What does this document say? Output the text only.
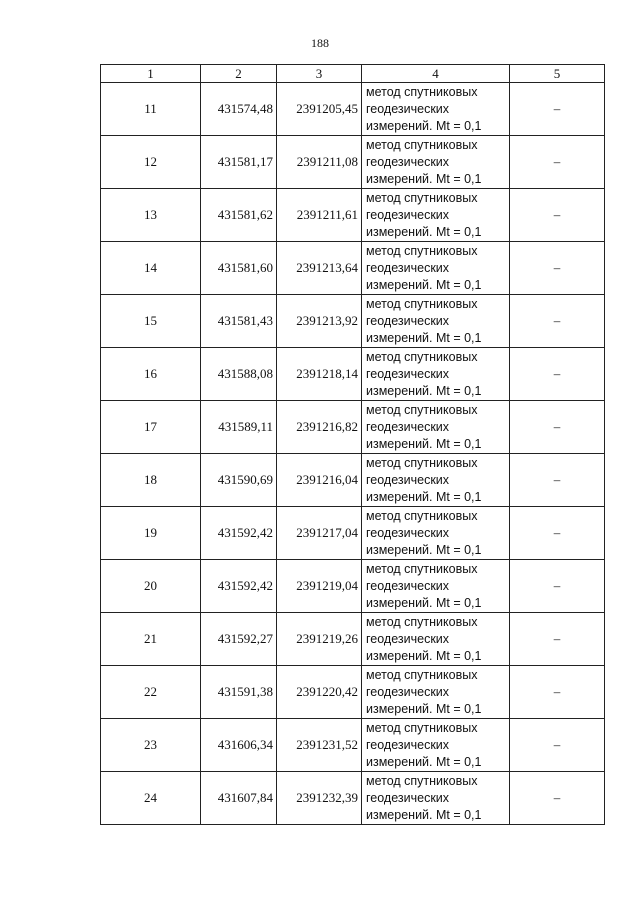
188
1	2	3	4	5
11	431574,48	2391205,45	метод спутниковых
геодезических
измерений. Mt = 0,1	–
12	431581,17	2391211,08	метод спутниковых
геодезических
измерений. Mt = 0,1	–
13	431581,62	2391211,61	метод спутниковых
геодезических
измерений. Mt = 0,1	–
14	431581,60	2391213,64	метод спутниковых
геодезических
измерений. Mt = 0,1	–
15	431581,43	2391213,92	метод спутниковых
геодезических
измерений. Mt = 0,1	–
16	431588,08	2391218,14	метод спутниковых
геодезических
измерений. Mt = 0,1	–
17	431589,11	2391216,82	метод спутниковых
геодезических
измерений. Mt = 0,1	–
18	431590,69	2391216,04	метод спутниковых
геодезических
измерений. Mt = 0,1	–
19	431592,42	2391217,04	метод спутниковых
геодезических
измерений. Mt = 0,1	–
20	431592,42	2391219,04	метод спутниковых
геодезических
измерений. Mt = 0,1	–
21	431592,27	2391219,26	метод спутниковых
геодезических
измерений. Mt = 0,1	–
22	431591,38	2391220,42	метод спутниковых
геодезических
измерений. Mt = 0,1	–
23	431606,34	2391231,52	метод спутниковых
геодезических
измерений. Mt = 0,1	–
24	431607,84	2391232,39	метод спутниковых
геодезических
измерений. Mt = 0,1	–
